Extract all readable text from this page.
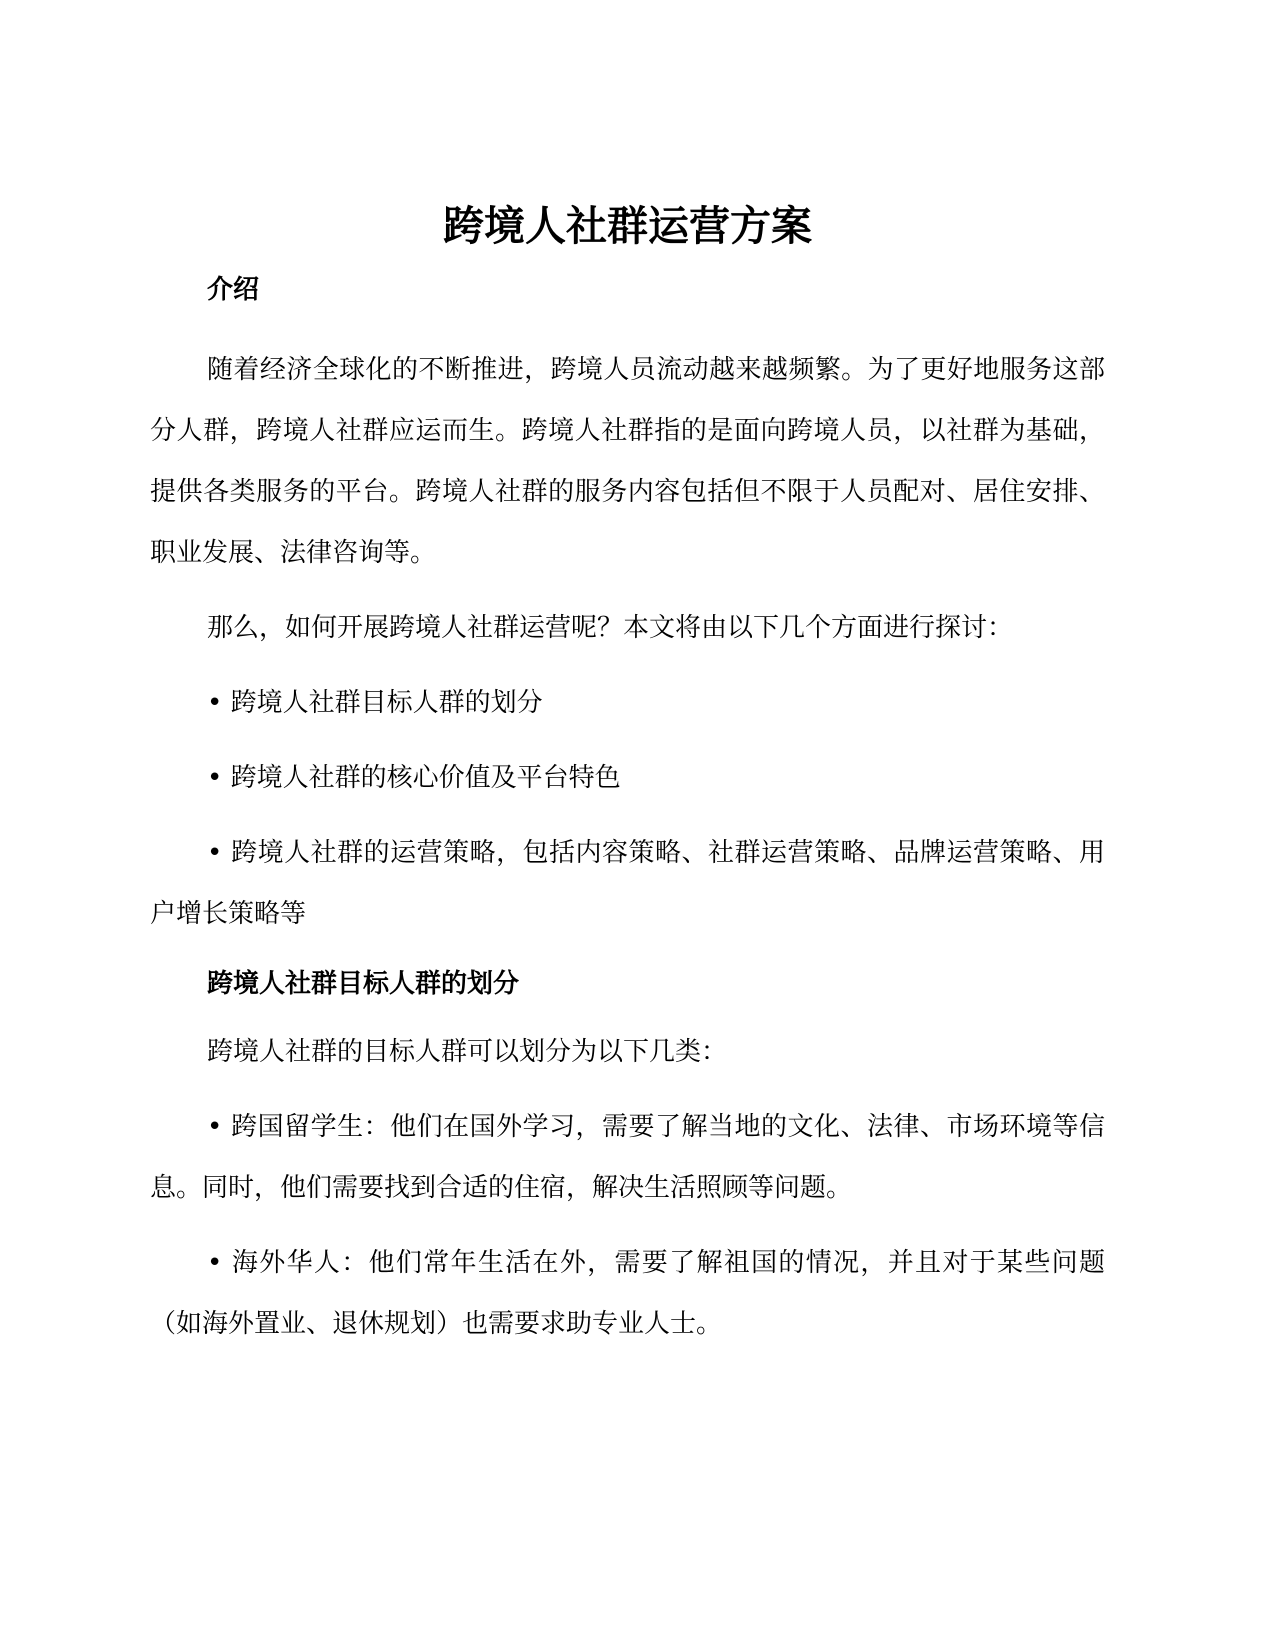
跨境人社群运营方案
介绍

随着经济全球化的不断推进，跨境人员流动越来越频繁。为了更好地服务这部分人群，跨境人社群应运而生。跨境人社群指的是面向跨境人员，以社群为基础，提供各类服务的平台。跨境人社群的服务内容包括但不限于人员配对、居住安排、职业发展、法律咨询等。

那么，如何开展跨境人社群运营呢？本文将由以下几个方面进行探讨：

• 跨境人社群目标人群的划分

• 跨境人社群的核心价值及平台特色

• 跨境人社群的运营策略，包括内容策略、社群运营策略、品牌运营策略、用户增长策略等

跨境人社群目标人群的划分

跨境人社群的目标人群可以划分为以下几类：

• 跨国留学生：他们在国外学习，需要了解当地的文化、法律、市场环境等信息。同时，他们需要找到合适的住宿，解决生活照顾等问题。

• 海外华人：他们常年生活在外，需要了解祖国的情况，并且对于某些问题（如海外置业、退休规划）也需要求助专业人士。
